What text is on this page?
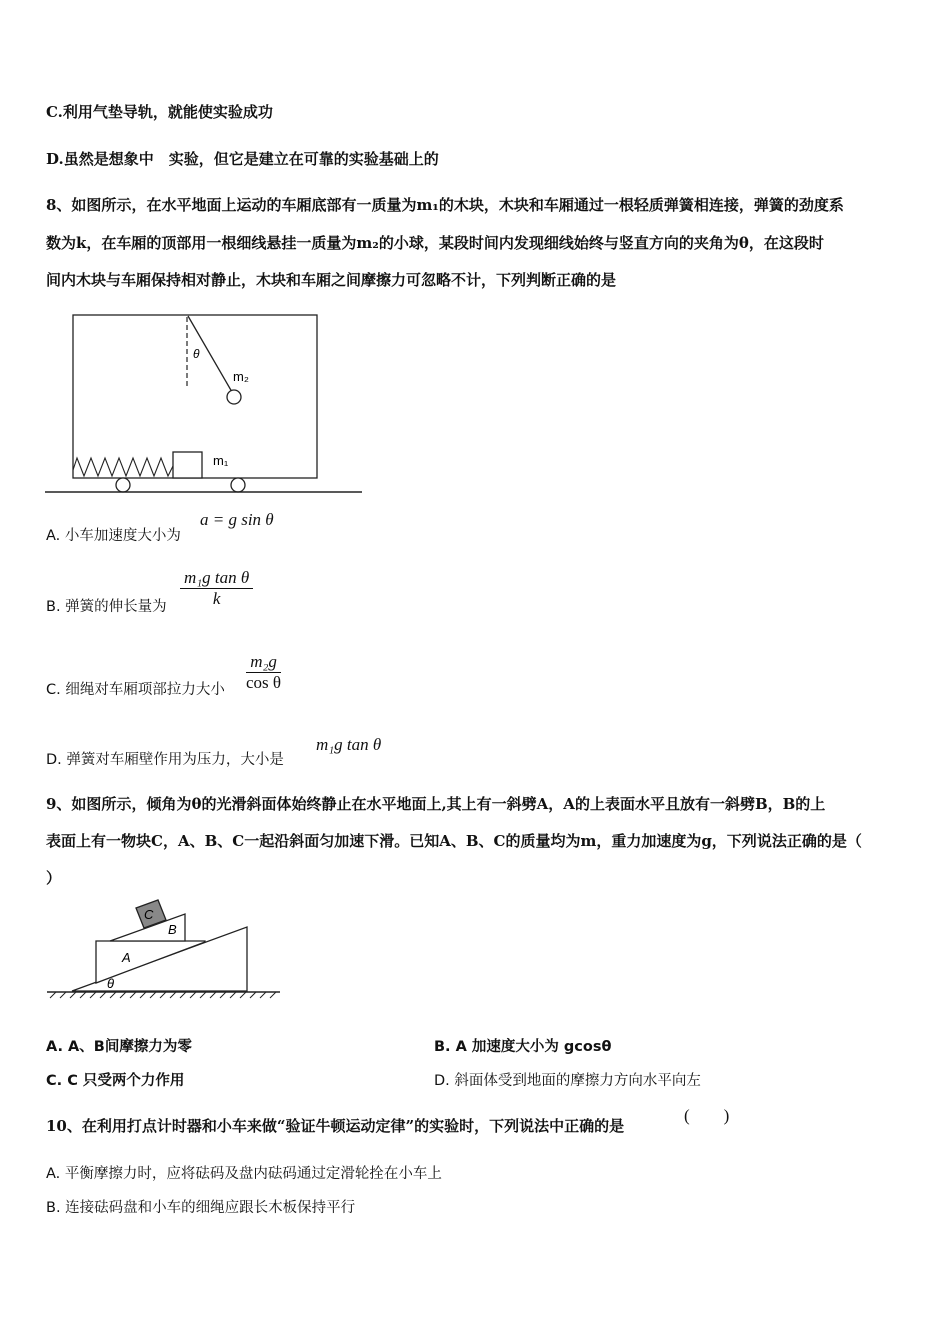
C.利用气垫导轨，就能使实验成功
D.虽然是想象中　实验，但它是建立在可靠的实验基础上的
8、如图所示，在水平地面上运动的车厢底部有一质量为m₁的木块，木块和车厢通过一根轻质弹簧相连接，弹簧的劲度系
数为k，在车厢的顶部用一根细线悬挂一质量为m₂的小球，某段时间内发现细线始终与竖直方向的夹角为θ，在这段时
间内木块与车厢保持相对静止，木块和车厢之间摩擦力可忽略不计，下列判断正确的是
θ
m₂
m₁
A. 小车加速度大小为
a = g sin θ
B. 弹簧的伸长量为 $\frac{\text{m₁g tan θ}}{k}$
C. 细绳对车厢项部拉力大小 $\frac{\text{m₂g}}{\text{cos θ}}$
D. 弹簧对车厢壁作用为压力，大小是
m₁g tan θ
9、如图所示，倾角为θ的光滑斜面体始终静止在水平地面上,其上有一斜劈A，A的上表面水平且放有一斜劈B，B的上
表面上有一物块C，A、B、C一起沿斜面匀加速下滑。已知A、B、C的质量均为m，重力加速度为g，下列说法正确的是（
）
C
B
A
θ
A. A、B间摩擦力为零	B. A 加速度大小为 gcosθ
C. C 只受两个力作用	D. 斜面体受到地面的摩擦力方向水平向左
10、在利用打点计时器和小车来做“验证牛顿运动定律”的实验时，下列说法中正确的是
(　　)
A. 平衡摩擦力时，应将砝码及盘内砝码通过定滑轮拴在小车上
B. 连接砝码盘和小车的细绳应跟长木板保持平行
